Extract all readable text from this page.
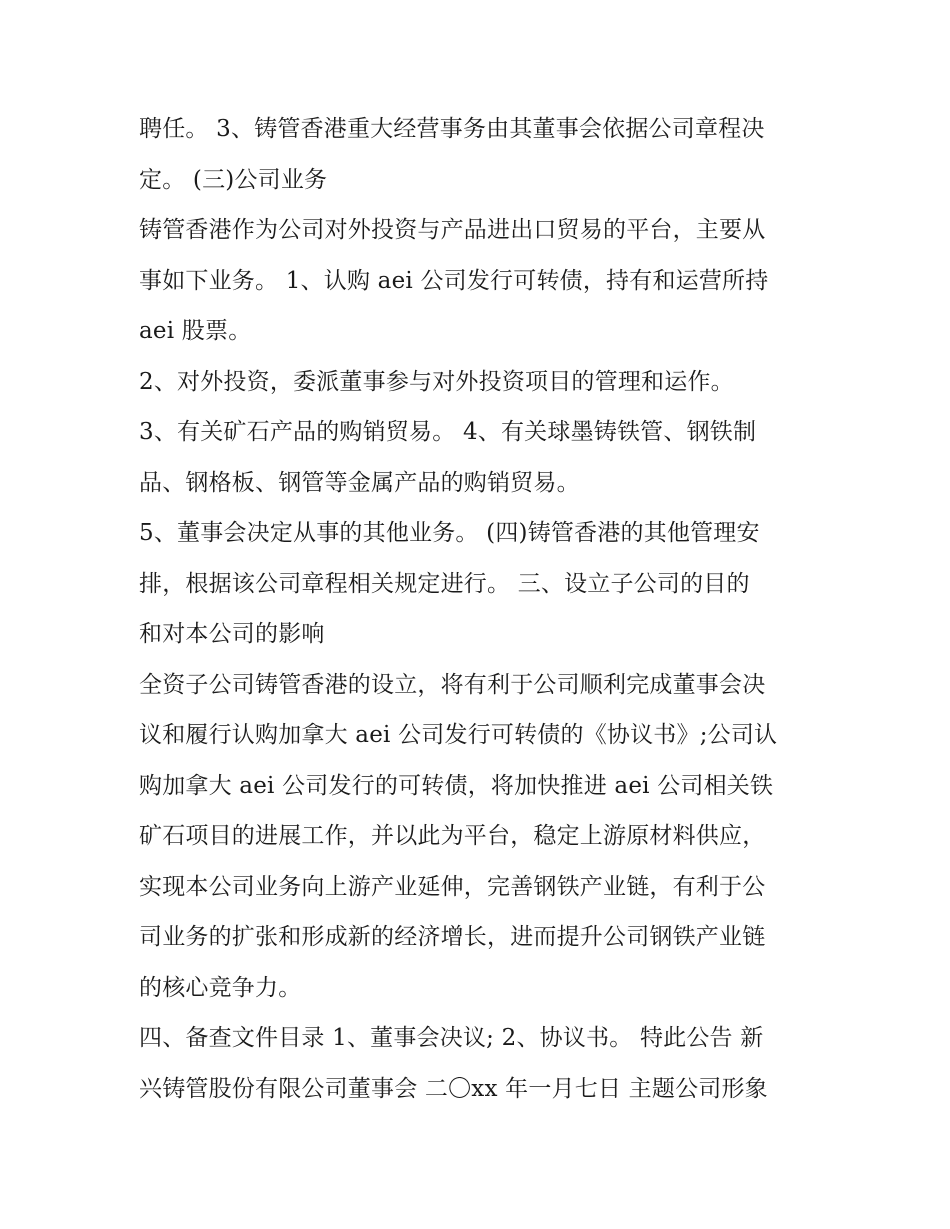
聘任。 3、铸管香港重大经营事务由其董事会依据公司章程决
定。 (三)公司业务
铸管香港作为公司对外投资与产品进出口贸易的平台，主要从
事如下业务。 1、认购 aei 公司发行可转债，持有和运营所持
aei 股票。
2、对外投资，委派董事参与对外投资项目的管理和运作。
3、有关矿石产品的购销贸易。 4、有关球墨铸铁管、钢铁制
品、钢格板、钢管等金属产品的购销贸易。
5、董事会决定从事的其他业务。 (四)铸管香港的其他管理安
排，根据该公司章程相关规定进行。 三、设立子公司的目的
和对本公司的影响
全资子公司铸管香港的设立，将有利于公司顺利完成董事会决
议和履行认购加拿大 aei 公司发行可转债的《协议书》;公司认
购加拿大 aei 公司发行的可转债，将加快推进 aei 公司相关铁
矿石项目的进展工作，并以此为平台，稳定上游原材料供应，
实现本公司业务向上游产业延伸，完善钢铁产业链，有利于公
司业务的扩张和形成新的经济增长，进而提升公司钢铁产业链
的核心竞争力。
四、备查文件目录 1、董事会决议; 2、协议书。 特此公告 新
兴铸管股份有限公司董事会 二〇xx 年一月七日 主题公司形象
